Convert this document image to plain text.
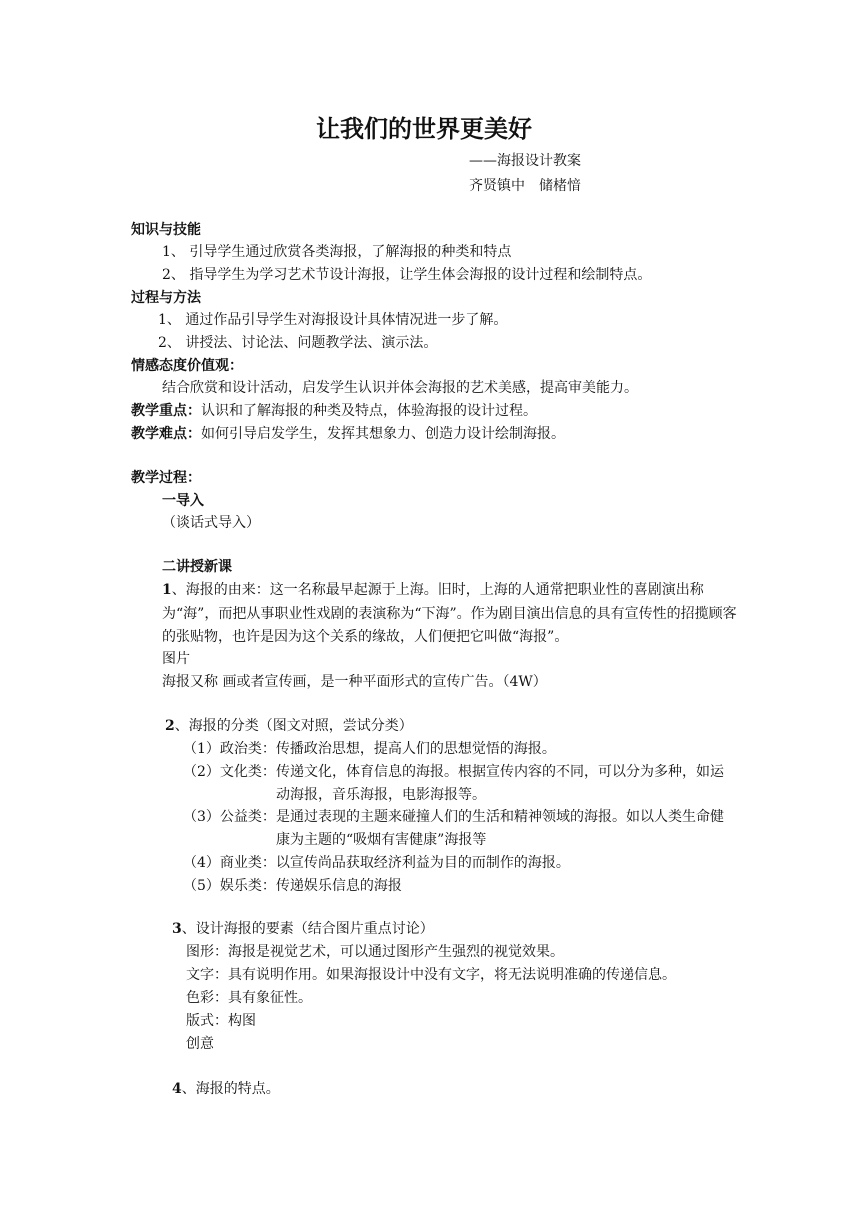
让我们的世界更美好
——海报设计教案
齐贤镇中　储楮愔
知识与技能
1、 引导学生通过欣赏各类海报，了解海报的种类和特点
2、 指导学生为学习艺术节设计海报，让学生体会海报的设计过程和绘制特点。
过程与方法
1、 通过作品引导学生对海报设计具体情况进一步了解。
2、 讲授法、讨论法、问题教学法、演示法。
情感态度价值观：
结合欣赏和设计活动，启发学生认识并体会海报的艺术美感，提高审美能力。
教学重点：认识和了解海报的种类及特点，体验海报的设计过程。
教学难点：如何引导启发学生，发挥其想象力、创造力设计绘制海报。
教学过程：
一导入
（谈话式导入）
二讲授新课
1、海报的由来：这一名称最早起源于上海。旧时，上海的人通常把职业性的喜剧演出称为“海”，而把从事职业性戏剧的表演称为“下海”。作为剧目演出信息的具有宣传性的招揽顾客的张贴物，也许是因为这个关系的缘故，人们便把它叫做“海报”。
图片
海报又称 画或者宣传画，是一种平面形式的宣传广告。（4W）
2、海报的分类（图文对照，尝试分类）
（1）政治类：传播政治思想，提高人们的思想觉悟的海报。
（2）文化类： 传递文化，体育信息的海报。根据宣传内容的不同，可以分为多种，如运动海报，音乐海报，电影海报等。
（3）公益类： 是通过表现的主题来碰撞人们的生活和精神领域的海报。如以人类生命健康为主题的“吸烟有害健康”海报等
（4）商业类：以宣传尚品获取经济利益为目的而制作的海报。
（5）娱乐类：传递娱乐信息的海报
3、设计海报的要素（结合图片重点讨论）
图形：海报是视觉艺术，可以通过图形产生强烈的视觉效果。
文字：具有说明作用。如果海报设计中没有文字，将无法说明准确的传递信息。
色彩：具有象征性。
版式：构图
创意
4、海报的特点。
